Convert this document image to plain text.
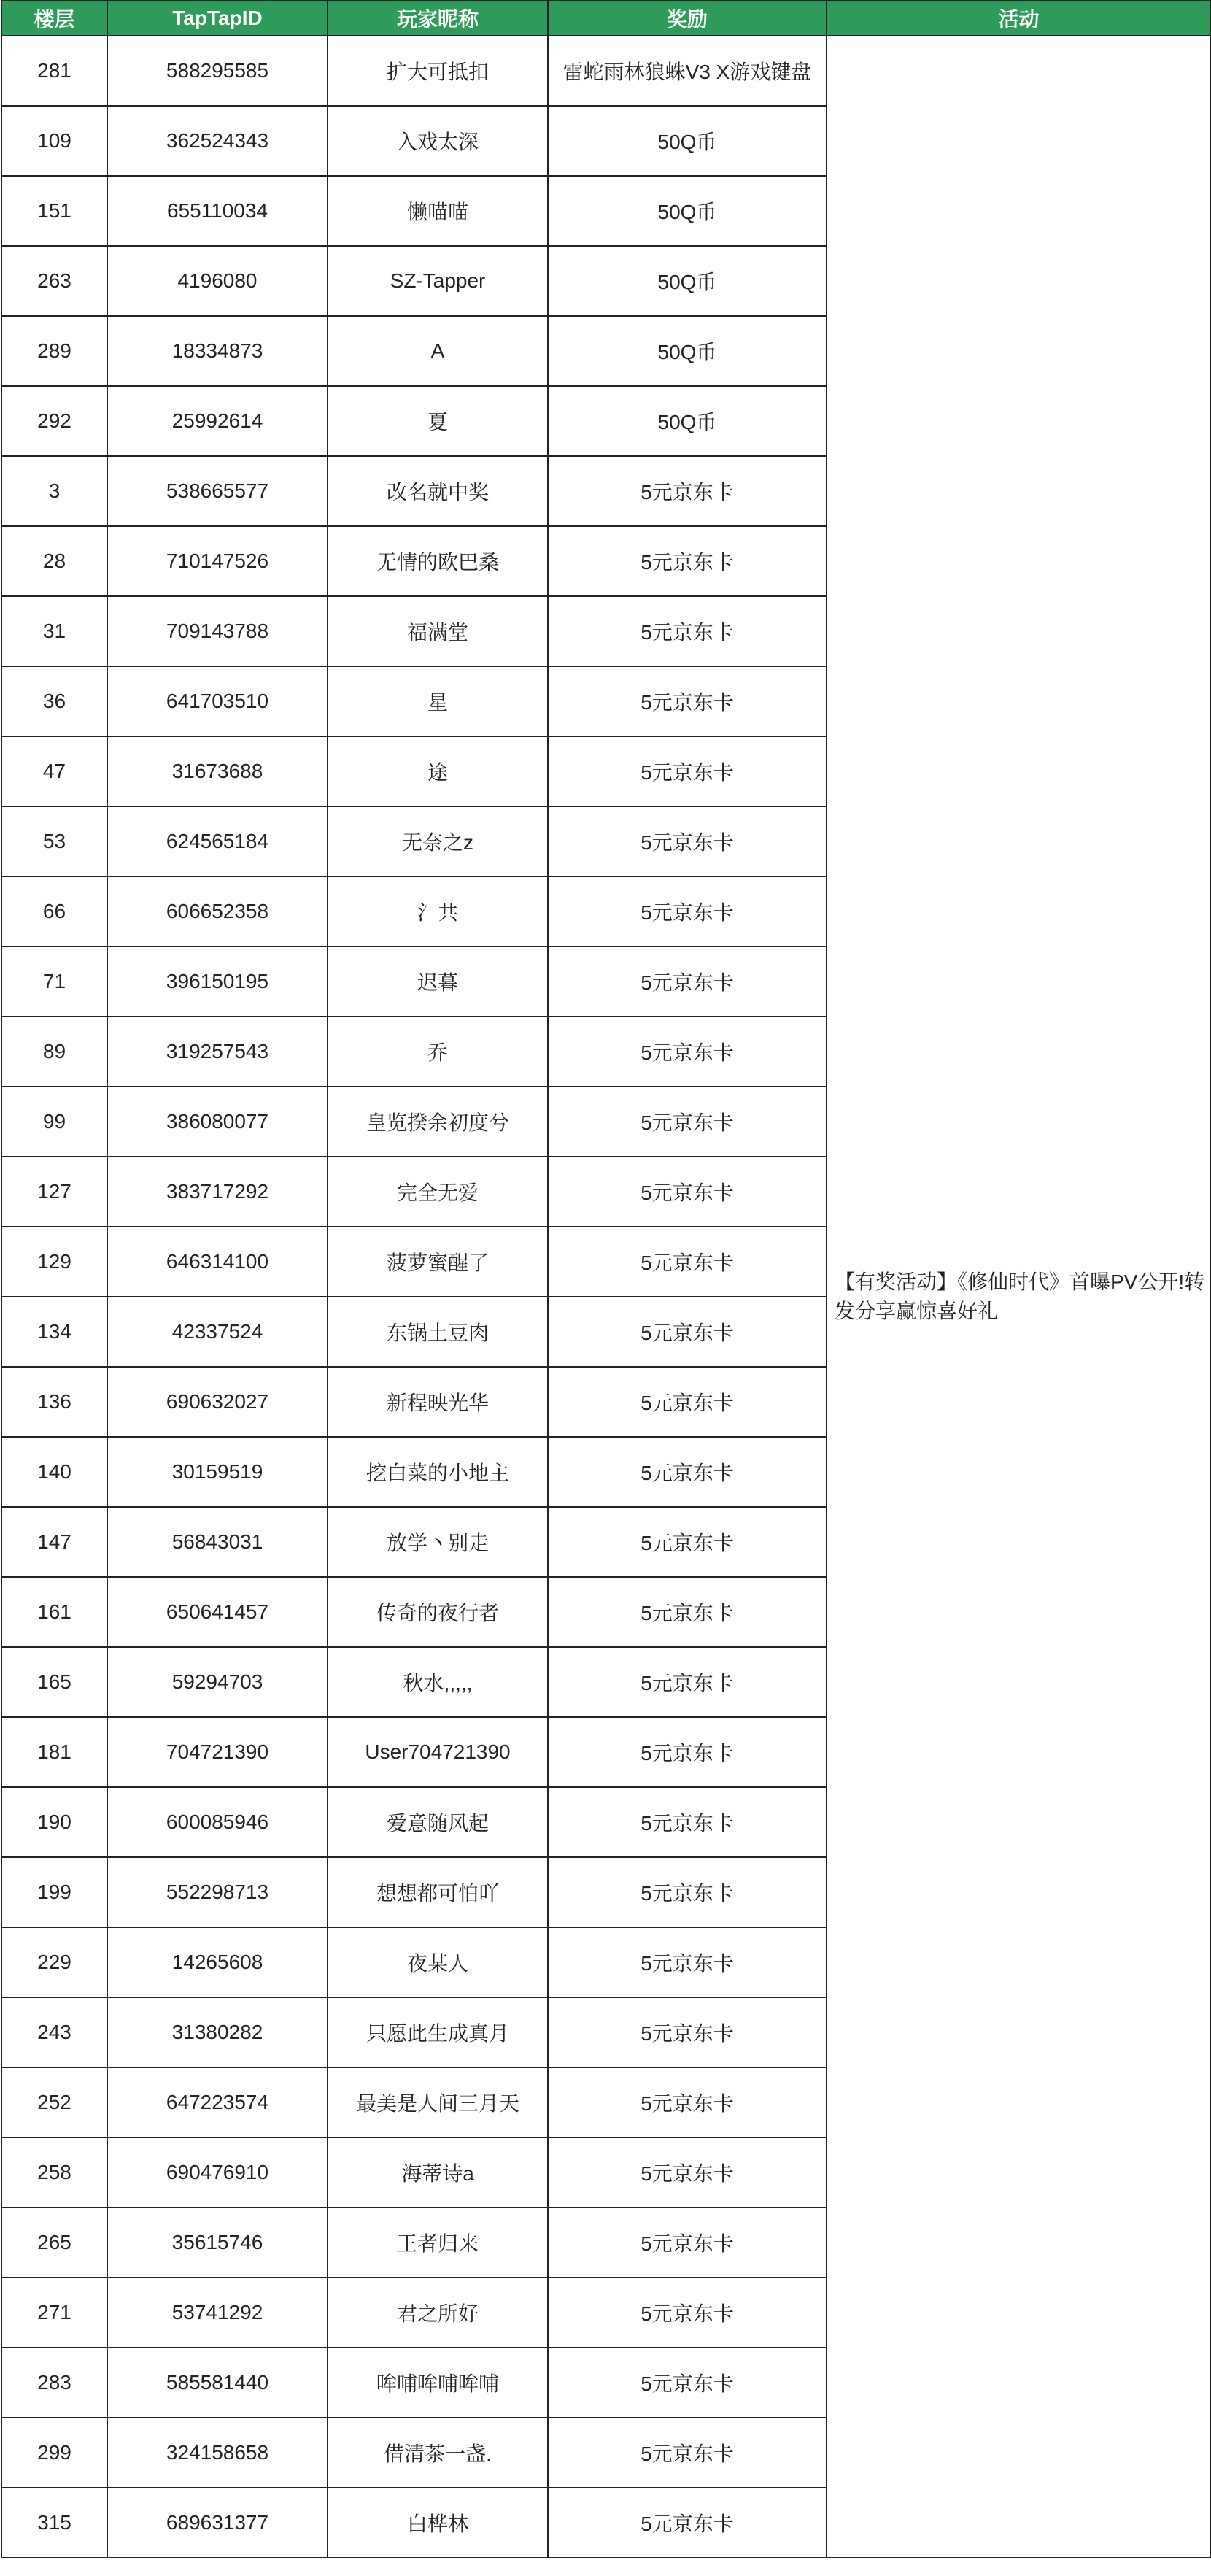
楼层	TapTapID	玩家昵称	奖励	活动
281	588295585	扩大可抵扣	雷蛇雨林狼蛛V3 X游戏键盘	【有奖活动】《修仙时代》首曝PV公开!转发分享赢惊喜好礼
109	362524343	入戏太深	50Q币	
151	655110034	懒喵喵	50Q币	
263	4196080	SZ-Tapper	50Q币	
289	18334873	A	50Q币	
292	25992614	夏	50Q币	
3	538665577	改名就中奖	5元京东卡	
28	710147526	无情的欧巴桑	5元京东卡	
31	709143788	福满堂	5元京东卡	
36	641703510	星	5元京东卡	
47	31673688	途	5元京东卡	
53	624565184	无奈之z	5元京东卡	
66	606652358	氵共	5元京东卡	
71	396150195	迟暮	5元京东卡	
89	319257543	乔	5元京东卡	
99	386080077	皇览揆余初度兮	5元京东卡	
127	383717292	完全无爱	5元京东卡	
129	646314100	菠萝蜜醒了	5元京东卡	
134	42337524	东锅土豆肉	5元京东卡	
136	690632027	新程映光华	5元京东卡	
140	30159519	挖白菜的小地主	5元京东卡	
147	56843031	放学丶别走	5元京东卡	
161	650641457	传奇的夜行者	5元京东卡	
165	59294703	秋水,,,,,	5元京东卡	
181	704721390	User704721390	5元京东卡	
190	600085946	爱意随风起	5元京东卡	
199	552298713	想想都可怕吖	5元京东卡	
229	14265608	夜某人	5元京东卡	
243	31380282	只愿此生成真月	5元京东卡	
252	647223574	最美是人间三月天	5元京东卡	
258	690476910	海蒂诗a	5元京东卡	
265	35615746	王者归来	5元京东卡	
271	53741292	君之所好	5元京东卡	
283	585581440	哞哺哞哺哞哺	5元京东卡	
299	324158658	借清茶一盏.	5元京东卡	
315	689631377	白桦林	5元京东卡	
